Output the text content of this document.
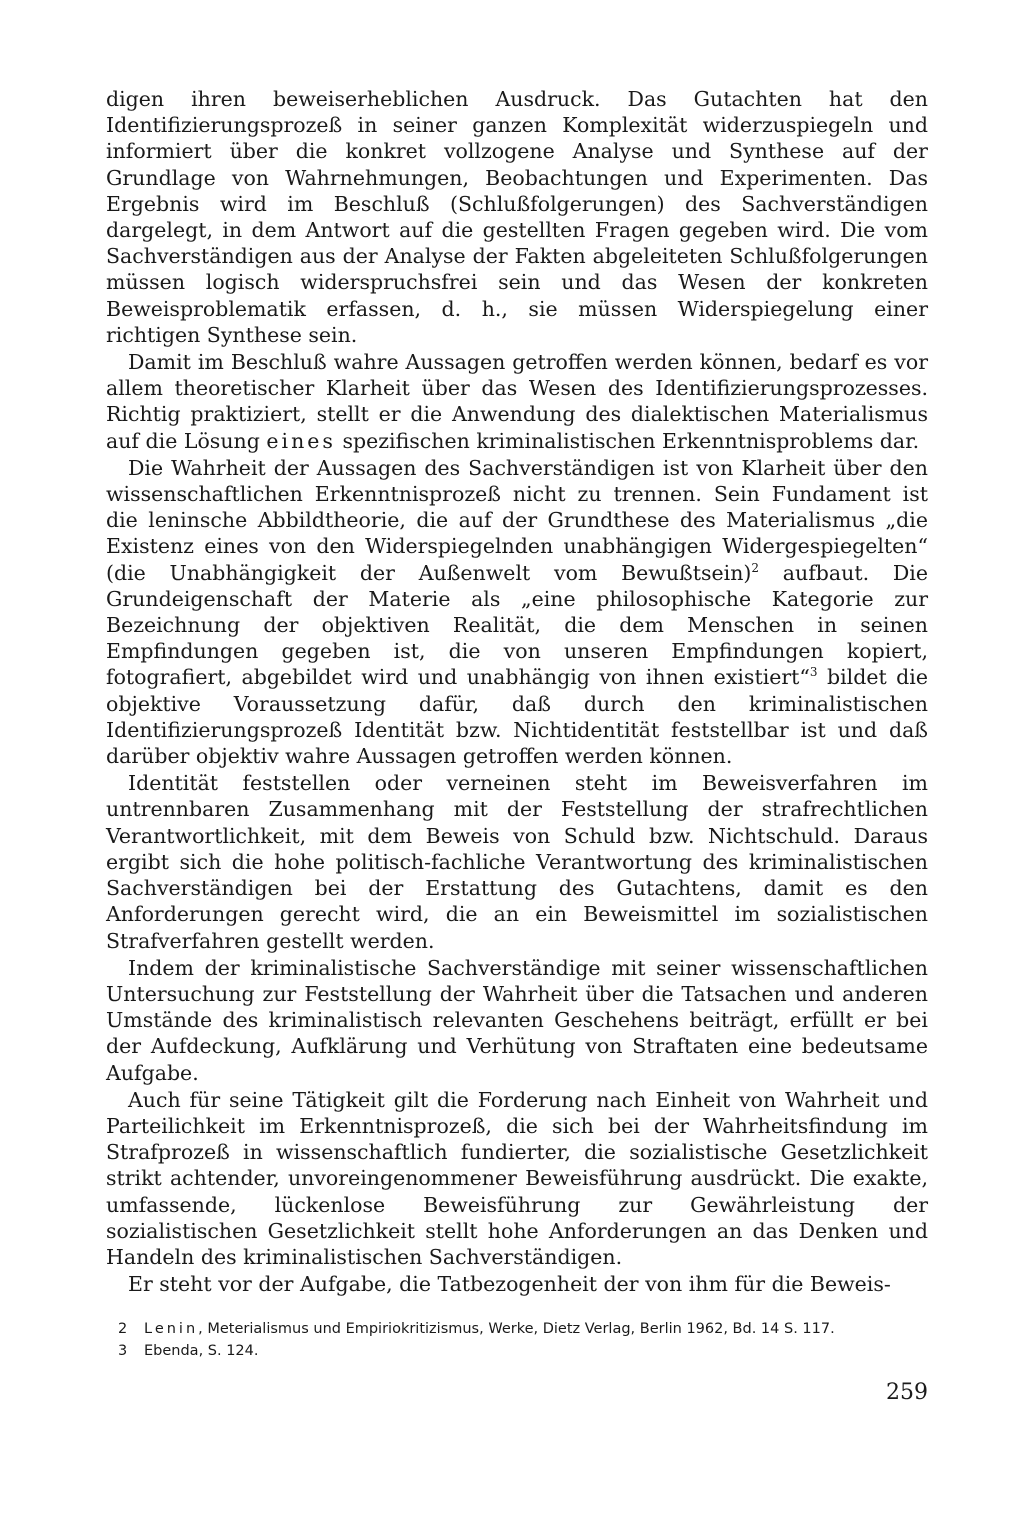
digen ihren beweiserheblichen Ausdruck. Das Gutachten hat den Identifizierungsprozeß in seiner ganzen Komplexität widerzuspiegeln und informiert über die konkret vollzogene Analyse und Synthese auf der Grundlage von Wahrnehmungen, Beobachtungen und Experimenten. Das Ergebnis wird im Beschluß (Schlußfolgerungen) des Sachverständigen dargelegt, in dem Antwort auf die gestellten Fragen gegeben wird. Die vom Sachverständigen aus der Analyse der Fakten abgeleiteten Schlußfolgerungen müssen logisch widerspruchsfrei sein und das Wesen der konkreten Beweisproblematik erfassen, d. h., sie müssen Widerspiegelung einer richtigen Synthese sein.

Damit im Beschluß wahre Aussagen getroffen werden können, bedarf es vor allem theoretischer Klarheit über das Wesen des Identifizierungsprozesses. Richtig praktiziert, stellt er die Anwendung des dialektischen Materialismus auf die Lösung eines spezifischen kriminalistischen Erkenntnisproblems dar.

Die Wahrheit der Aussagen des Sachverständigen ist von Klarheit über den wissenschaftlichen Erkenntnisprozeß nicht zu trennen. Sein Fundament ist die leninsche Abbildtheorie, die auf der Grundthese des Materialismus „die Existenz eines von den Widerspiegelnden unabhängigen Widergespiegelten“ (die Unabhängigkeit der Außenwelt vom Bewußtsein)$^2$ aufbaut. Die Grundeigenschaft der Materie als „eine philosophische Kategorie zur Bezeichnung der objektiven Realität, die dem Menschen in seinen Empfindungen gegeben ist, die von unseren Empfindungen kopiert, fotografiert, abgebildet wird und unabhängig von ihnen existiert“$^3$ bildet die objektive Voraussetzung dafür, daß durch den kriminalistischen Identifizierungsprozeß Identität bzw. Nichtidentität feststellbar ist und daß darüber objektiv wahre Aussagen getroffen werden können.

Identität feststellen oder verneinen steht im Beweisverfahren im untrennbaren Zusammenhang mit der Feststellung der strafrechtlichen Verantwortlichkeit, mit dem Beweis von Schuld bzw. Nichtschuld. Daraus ergibt sich die hohe politisch-fachliche Verantwortung des kriminalistischen Sachverständigen bei der Erstattung des Gutachtens, damit es den Anforderungen gerecht wird, die an ein Beweismittel im sozialistischen Strafverfahren gestellt werden.

Indem der kriminalistische Sachverständige mit seiner wissenschaftlichen Untersuchung zur Feststellung der Wahrheit über die Tatsachen und anderen Umstände des kriminalistisch relevanten Geschehens beiträgt, erfüllt er bei der Aufdeckung, Aufklärung und Verhütung von Straftaten eine bedeutsame Aufgabe.

Auch für seine Tätigkeit gilt die Forderung nach Einheit von Wahrheit und Parteilichkeit im Erkenntnisprozeß, die sich bei der Wahrheitsfindung im Strafprozeß in wissenschaftlich fundierter, die sozialistische Gesetzlichkeit strikt achtender, unvoreingenommener Beweisführung ausdrückt. Die exakte, umfassende, lückenlose Beweisführung zur Gewährleistung der sozialistischen Gesetzlichkeit stellt hohe Anforderungen an das Denken und Handeln des kriminalistischen Sachverständigen.

Er steht vor der Aufgabe, die Tatbezogenheit der von ihm für die Beweis-

2	Lenin, Meterialismus und Empiriokritizismus, Werke, Dietz Verlag, Berlin 1962, Bd. 14 S. 117.
3	Ebenda, S. 124.
259
